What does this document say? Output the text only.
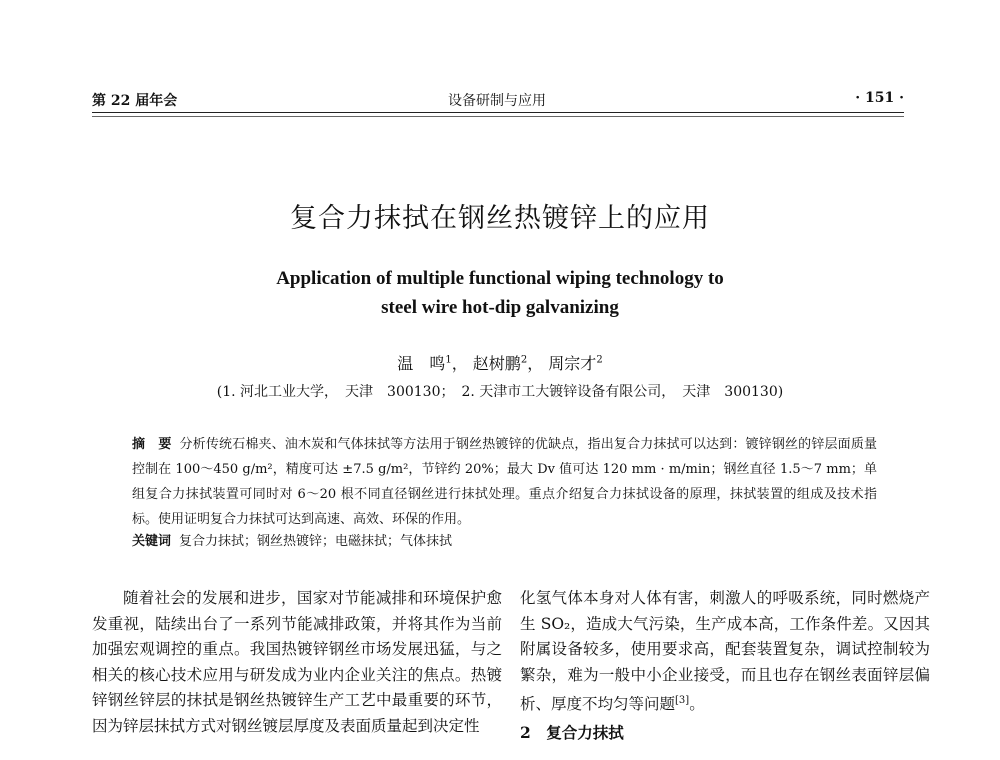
第 22 届年会	设备研制与应用	· 151 ·
复合力抹拭在钢丝热镀锌上的应用
Application of multiple functional wiping technology to
steel wire hot-dip galvanizing
温　鸣$^1$， 赵树鹏$^2$， 周宗才$^2$
(1. 河北工业大学，　天津　300130；　2. 天津市工大镀锌设备有限公司，　天津　300130)
摘　要 分析传统石棉夹、油木炭和气体抹拭等方法用于钢丝热镀锌的优缺点，指出复合力抹拭可以达到：镀锌钢丝的锌层面质量控制在 100～450 g/m²，精度可达 ±7.5 g/m²，节锌约 20%；最大 Dv 值可达 120 mm · m/min；钢丝直径 1.5～7 mm；单组复合力抹拭装置可同时对 6～20 根不同直径钢丝进行抹拭处理。重点介绍复合力抹拭设备的原理，抹拭装置的组成及技术指标。使用证明复合力抹拭可达到高速、高效、环保的作用。
关键词 复合力抹拭；钢丝热镀锌；电磁抹拭；气体抹拭
随着社会的发展和进步，国家对节能减排和环境保护愈发重视，陆续出台了一系列节能减排政策，并将其作为当前加强宏观调控的重点。我国热镀锌钢丝市场发展迅猛，与之相关的核心技术应用与研发成为业内企业关注的焦点。热镀锌钢丝锌层的抹拭是钢丝热镀锌生产工艺中最重要的环节，因为锌层抹拭方式对钢丝镀层厚度及表面质量起到决定性
化氢气体本身对人体有害，刺激人的呼吸系统，同时燃烧产生 SO₂，造成大气污染，生产成本高，工作条件差。又因其附属设备较多，使用要求高，配套装置复杂，调试控制较为繁杂，难为一般中小企业接受，而且也存在钢丝表面锌层偏析、厚度不均匀等问题[3]。
2　复合力抹拭
